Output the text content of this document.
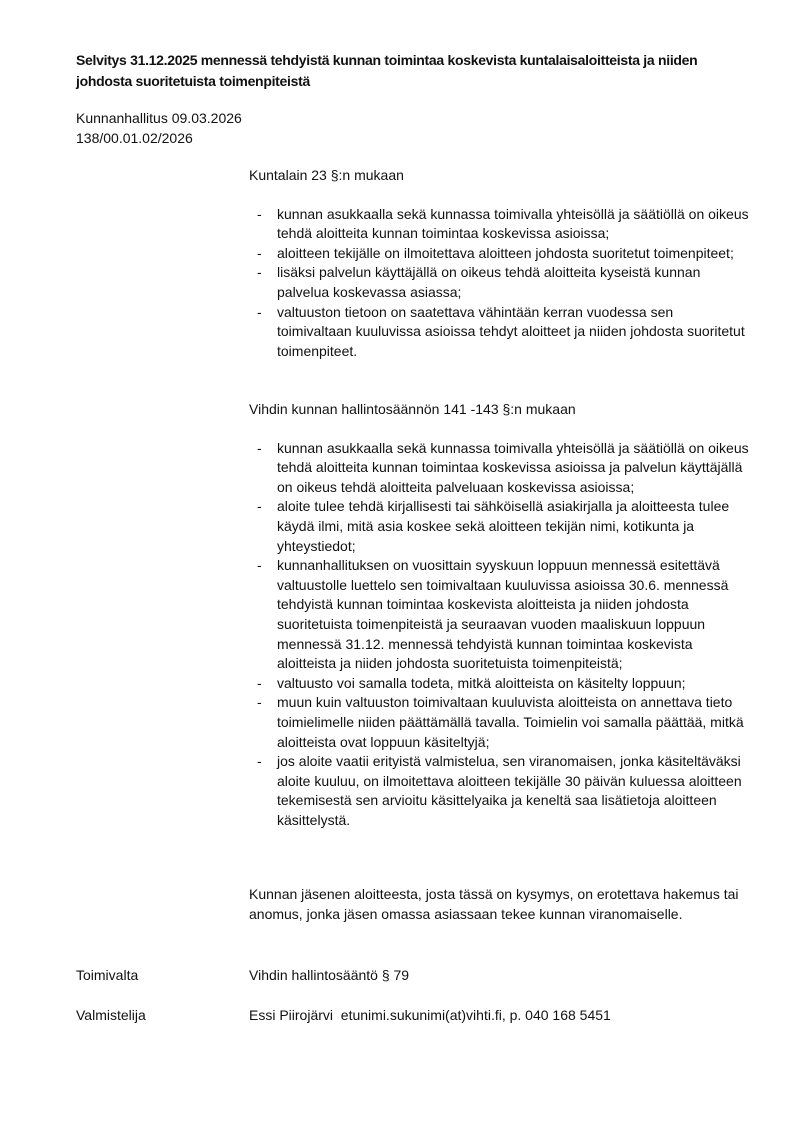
Selvitys 31.12.2025 mennessä tehdyistä kunnan toimintaa koskevista kuntalaisaloitteista ja niiden johdosta suoritetuista toimenpiteistä
Kunnanhallitus 09.03.2026
138/00.01.02/2026

Kuntalain 23 §:n mukaan

- kunnan asukkaalla sekä kunnassa toimivalla yhteisöllä ja säätiöllä on oikeus tehdä aloitteita kunnan toimintaa koskevissa asioissa;
- aloitteen tekijälle on ilmoitettava aloitteen johdosta suoritetut toimenpiteet;
- lisäksi palvelun käyttäjällä on oikeus tehdä aloitteita kyseistä kunnan palvelua koskevassa asiassa;
- valtuuston tietoon on saatettava vähintään kerran vuodessa sen toimivaltaan kuuluvissa asioissa tehdyt aloitteet ja niiden johdosta suoritetut toimenpiteet.

Vihdin kunnan hallintosäännön 141 -143 §:n mukaan

- kunnan asukkaalla sekä kunnassa toimivalla yhteisöllä ja säätiöllä on oikeus tehdä aloitteita kunnan toimintaa koskevissa asioissa ja palvelun käyttäjällä on oikeus tehdä aloitteita palveluaan koskevissa asioissa;
- aloite tulee tehdä kirjallisesti tai sähköisellä asiakirjalla ja aloitteesta tulee käydä ilmi, mitä asia koskee sekä aloitteen tekijän nimi, kotikunta ja yhteystiedot;
- kunnanhallituksen on vuosittain syyskuun loppuun mennessä esitettävä valtuustolle luettelo sen toimivaltaan kuuluvissa asioissa 30.6. mennessä tehdyistä kunnan toimintaa koskevista aloitteista ja niiden johdosta suoritetuista toimenpiteistä ja seuraavan vuoden maaliskuun loppuun mennessä 31.12. mennessä tehdyistä kunnan toimintaa koskevista aloitteista ja niiden johdosta suoritetuista toimenpiteistä;
- valtuusto voi samalla todeta, mitkä aloitteista on käsitelty loppuun;
- muun kuin valtuuston toimivaltaan kuuluvista aloitteista on annettava tieto toimielimelle niiden päättämällä tavalla. Toimielin voi samalla päättää, mitkä aloitteista ovat loppuun käsiteltyjä;
- jos aloite vaatii erityistä valmistelua, sen viranomaisen, jonka käsiteltäväksi aloite kuuluu, on ilmoitettava aloitteen tekijälle 30 päivän kuluessa aloitteen tekemisestä sen arvioitu käsittelyaika ja keneltä saa lisätietoja aloitteen käsittelystä.
Kunnan jäsenen aloitteesta, josta tässä on kysymys, on erotettava hakemus tai anomus, jonka jäsen omassa asiassaan tekee kunnan viranomaiselle.
Toimivalta	Vihdin hallintosääntö § 79
Valmistelija	Essi Piirojärvi  etunimi.sukunimi(at)vihti.fi, p. 040 168 5451
